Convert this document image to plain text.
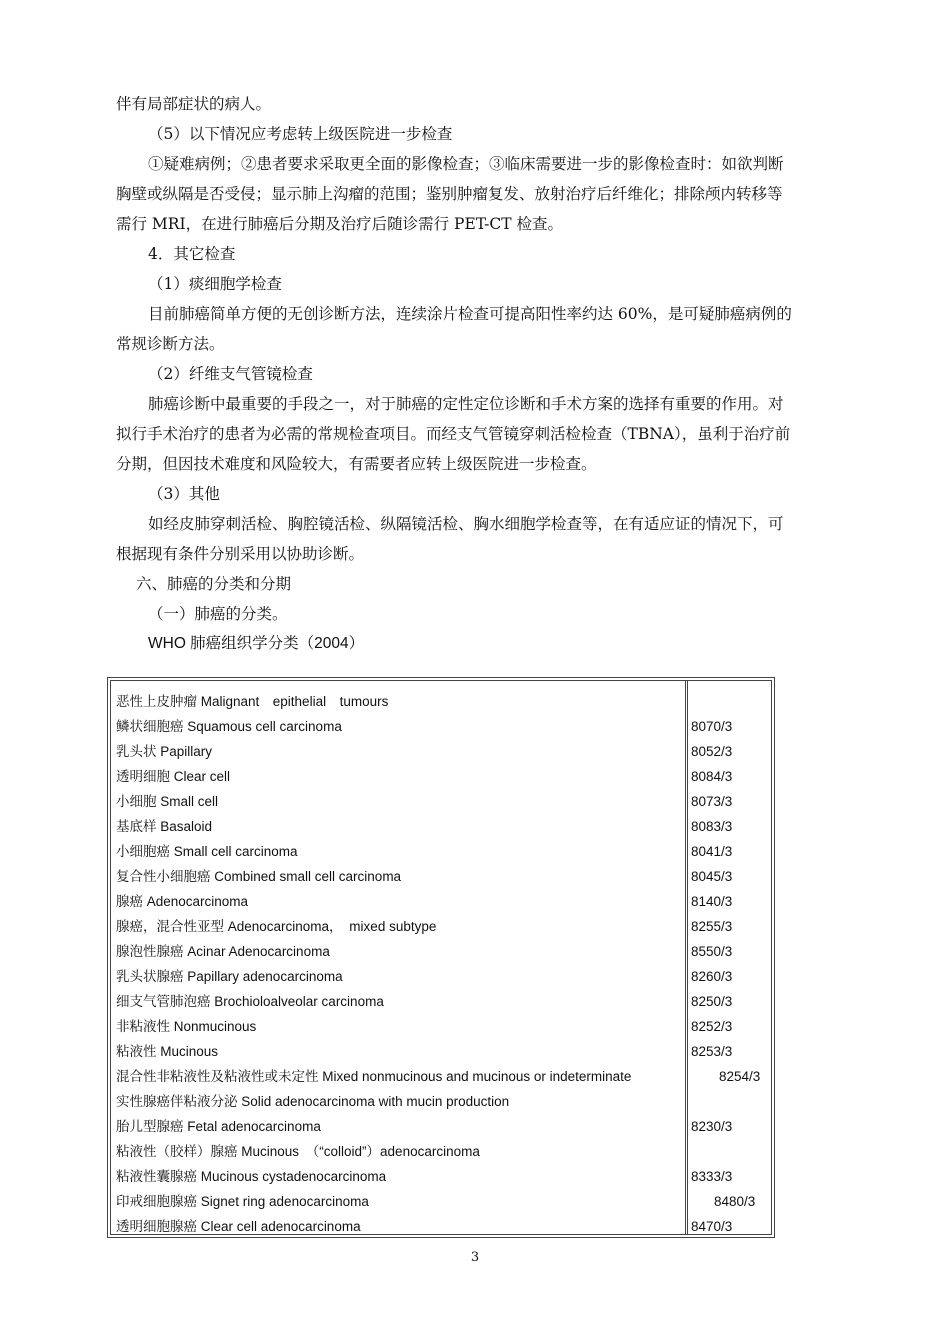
伴有局部症状的病人。
（5）以下情况应考虑转上级医院进一步检查
①疑难病例；②患者要求采取更全面的影像检查；③临床需要进一步的影像检查时：如欲判断
胸壁或纵隔是否受侵；显示肺上沟瘤的范围；鉴别肿瘤复发、放射治疗后纤维化；排除颅内转移等
需行 MRI，在进行肺癌后分期及治疗后随诊需行 PET-CT 检查。
4．其它检查
（1）痰细胞学检查
目前肺癌简单方便的无创诊断方法，连续涂片检查可提高阳性率约达 60%，是可疑肺癌病例的
常规诊断方法。
（2）纤维支气管镜检查
肺癌诊断中最重要的手段之一，对于肺癌的定性定位诊断和手术方案的选择有重要的作用。对
拟行手术治疗的患者为必需的常规检查项目。而经支气管镜穿刺活检检查（TBNA），虽利于治疗前
分期，但因技术难度和风险较大，有需要者应转上级医院进一步检查。
（3）其他
如经皮肺穿刺活检、胸腔镜活检、纵隔镜活检、胸水细胞学检查等，在有适应证的情况下，可
根据现有条件分别采用以协助诊断。
六、肺癌的分类和分期
（一）肺癌的分类。
WHO 肺癌组织学分类（2004）
恶性上皮肿瘤 Malignant　epithelial　tumours
鳞状细胞癌 Squamous cell carcinoma	8070/3
乳头状 Papillary	8052/3
透明细胞 Clear cell	8084/3
小细胞 Small cell	8073/3
基底样 Basaloid	8083/3
小细胞癌 Small cell carcinoma	8041/3
复合性小细胞癌 Combined small cell carcinoma	8045/3
腺癌 Adenocarcinoma	8140/3
腺癌，混合性亚型 Adenocarcinoma，　mixed subtype	8255/3
腺泡性腺癌 Acinar Adenocarcinoma	8550/3
乳头状腺癌 Papillary adenocarcinoma	8260/3
细支气管肺泡癌 Brochioloalveolar carcinoma	8250/3
非粘液性 Nonmucinous	8252/3
粘液性 Mucinous	8253/3
混合性非粘液性及粘液性或未定性 Mixed nonmucinous and mucinous or indeterminate	8254/3
实性腺癌伴粘液分泌 Solid adenocarcinoma with mucin production
胎儿型腺癌 Fetal adenocarcinoma	8230/3
粘液性（胶样）腺癌 Mucinous　（“colloid”）adenocarcinoma
粘液性囊腺癌 Mucinous cystadenocarcinoma	8333/3
印戒细胞腺癌 Signet ring adenocarcinoma	8480/3
透明细胞腺癌 Clear cell adenocarcinoma	8470/3
3
